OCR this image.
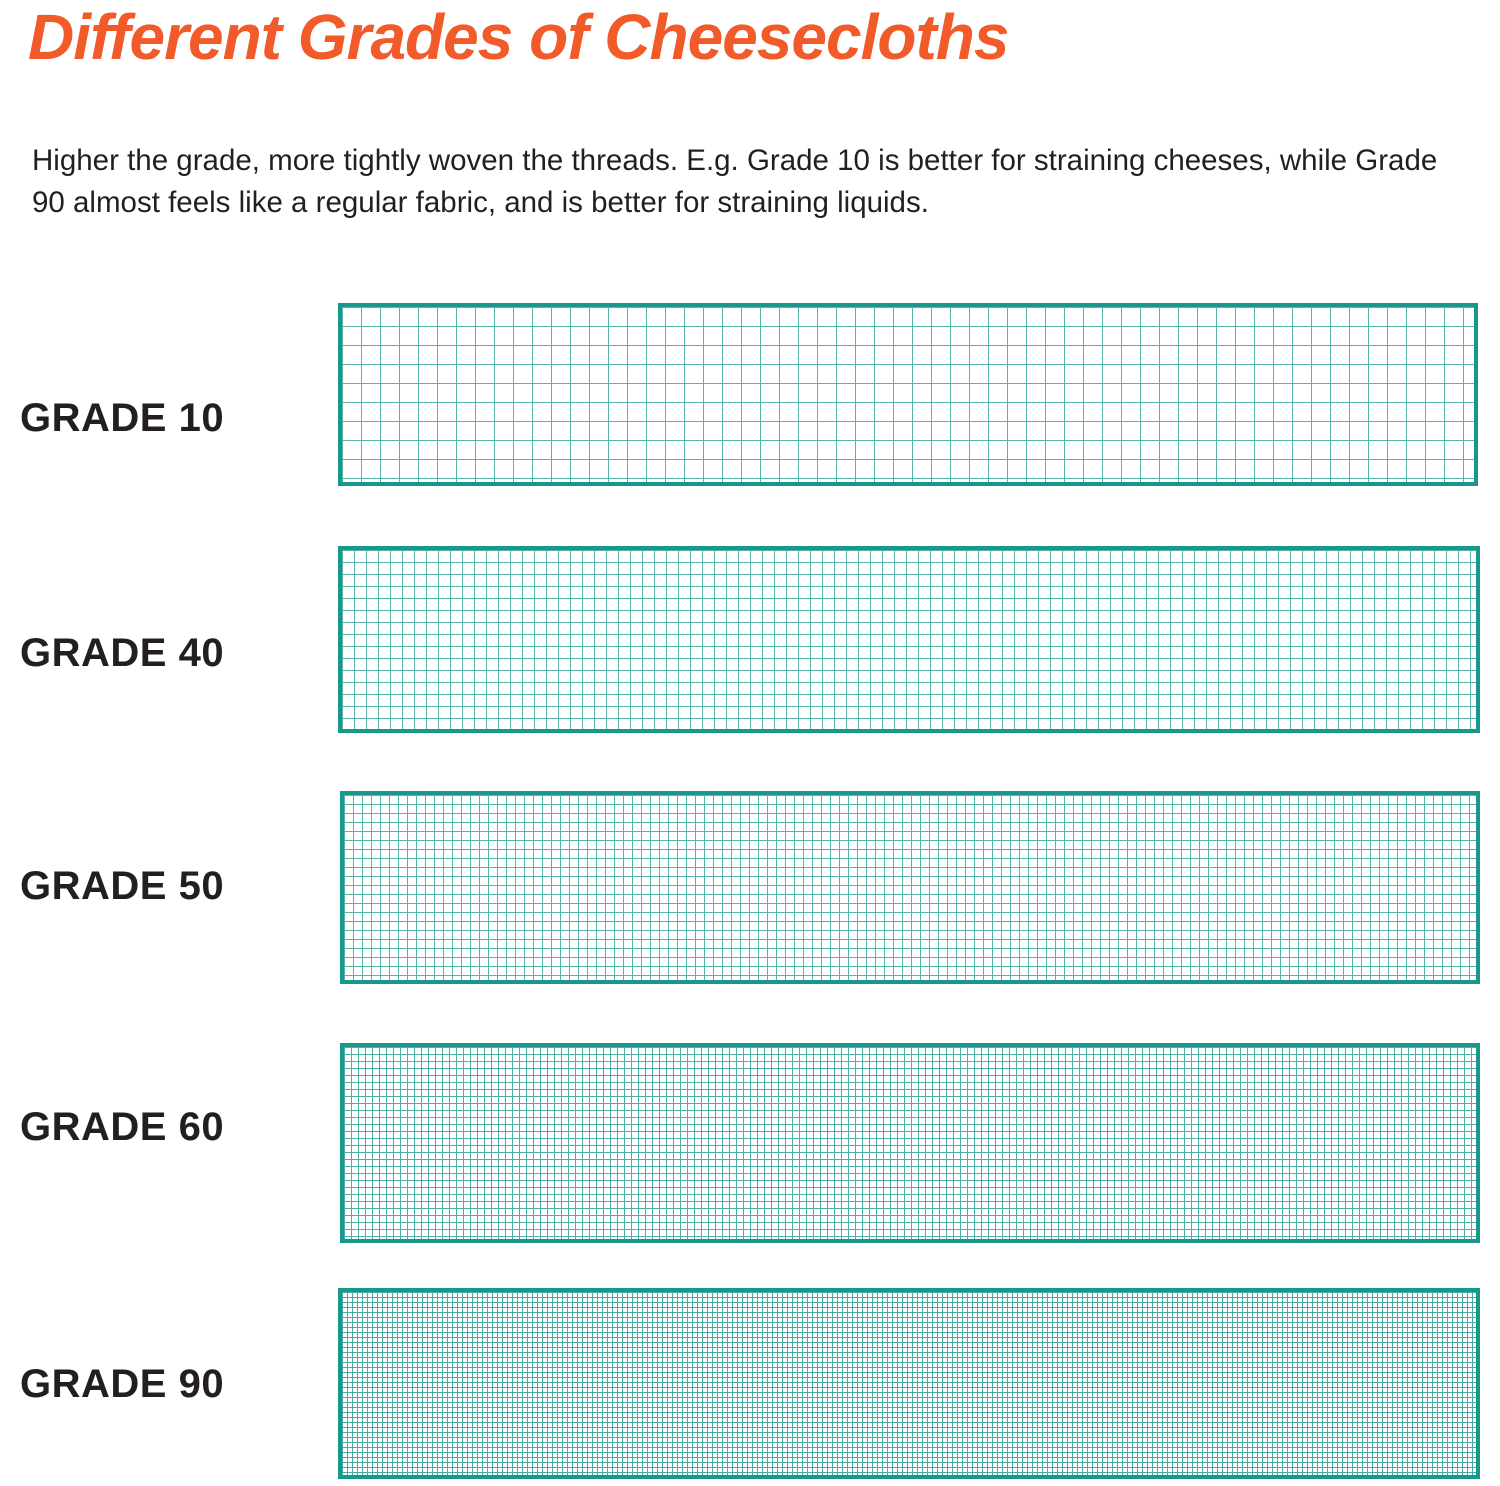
Different Grades of Cheesecloths
Higher the grade, more tightly woven the threads. E.g. Grade 10 is better for straining cheeses, while Grade 90 almost feels like a regular fabric, and is better for straining liquids.
GRADE 10
GRADE 40
GRADE 50
GRADE 60
GRADE 90
